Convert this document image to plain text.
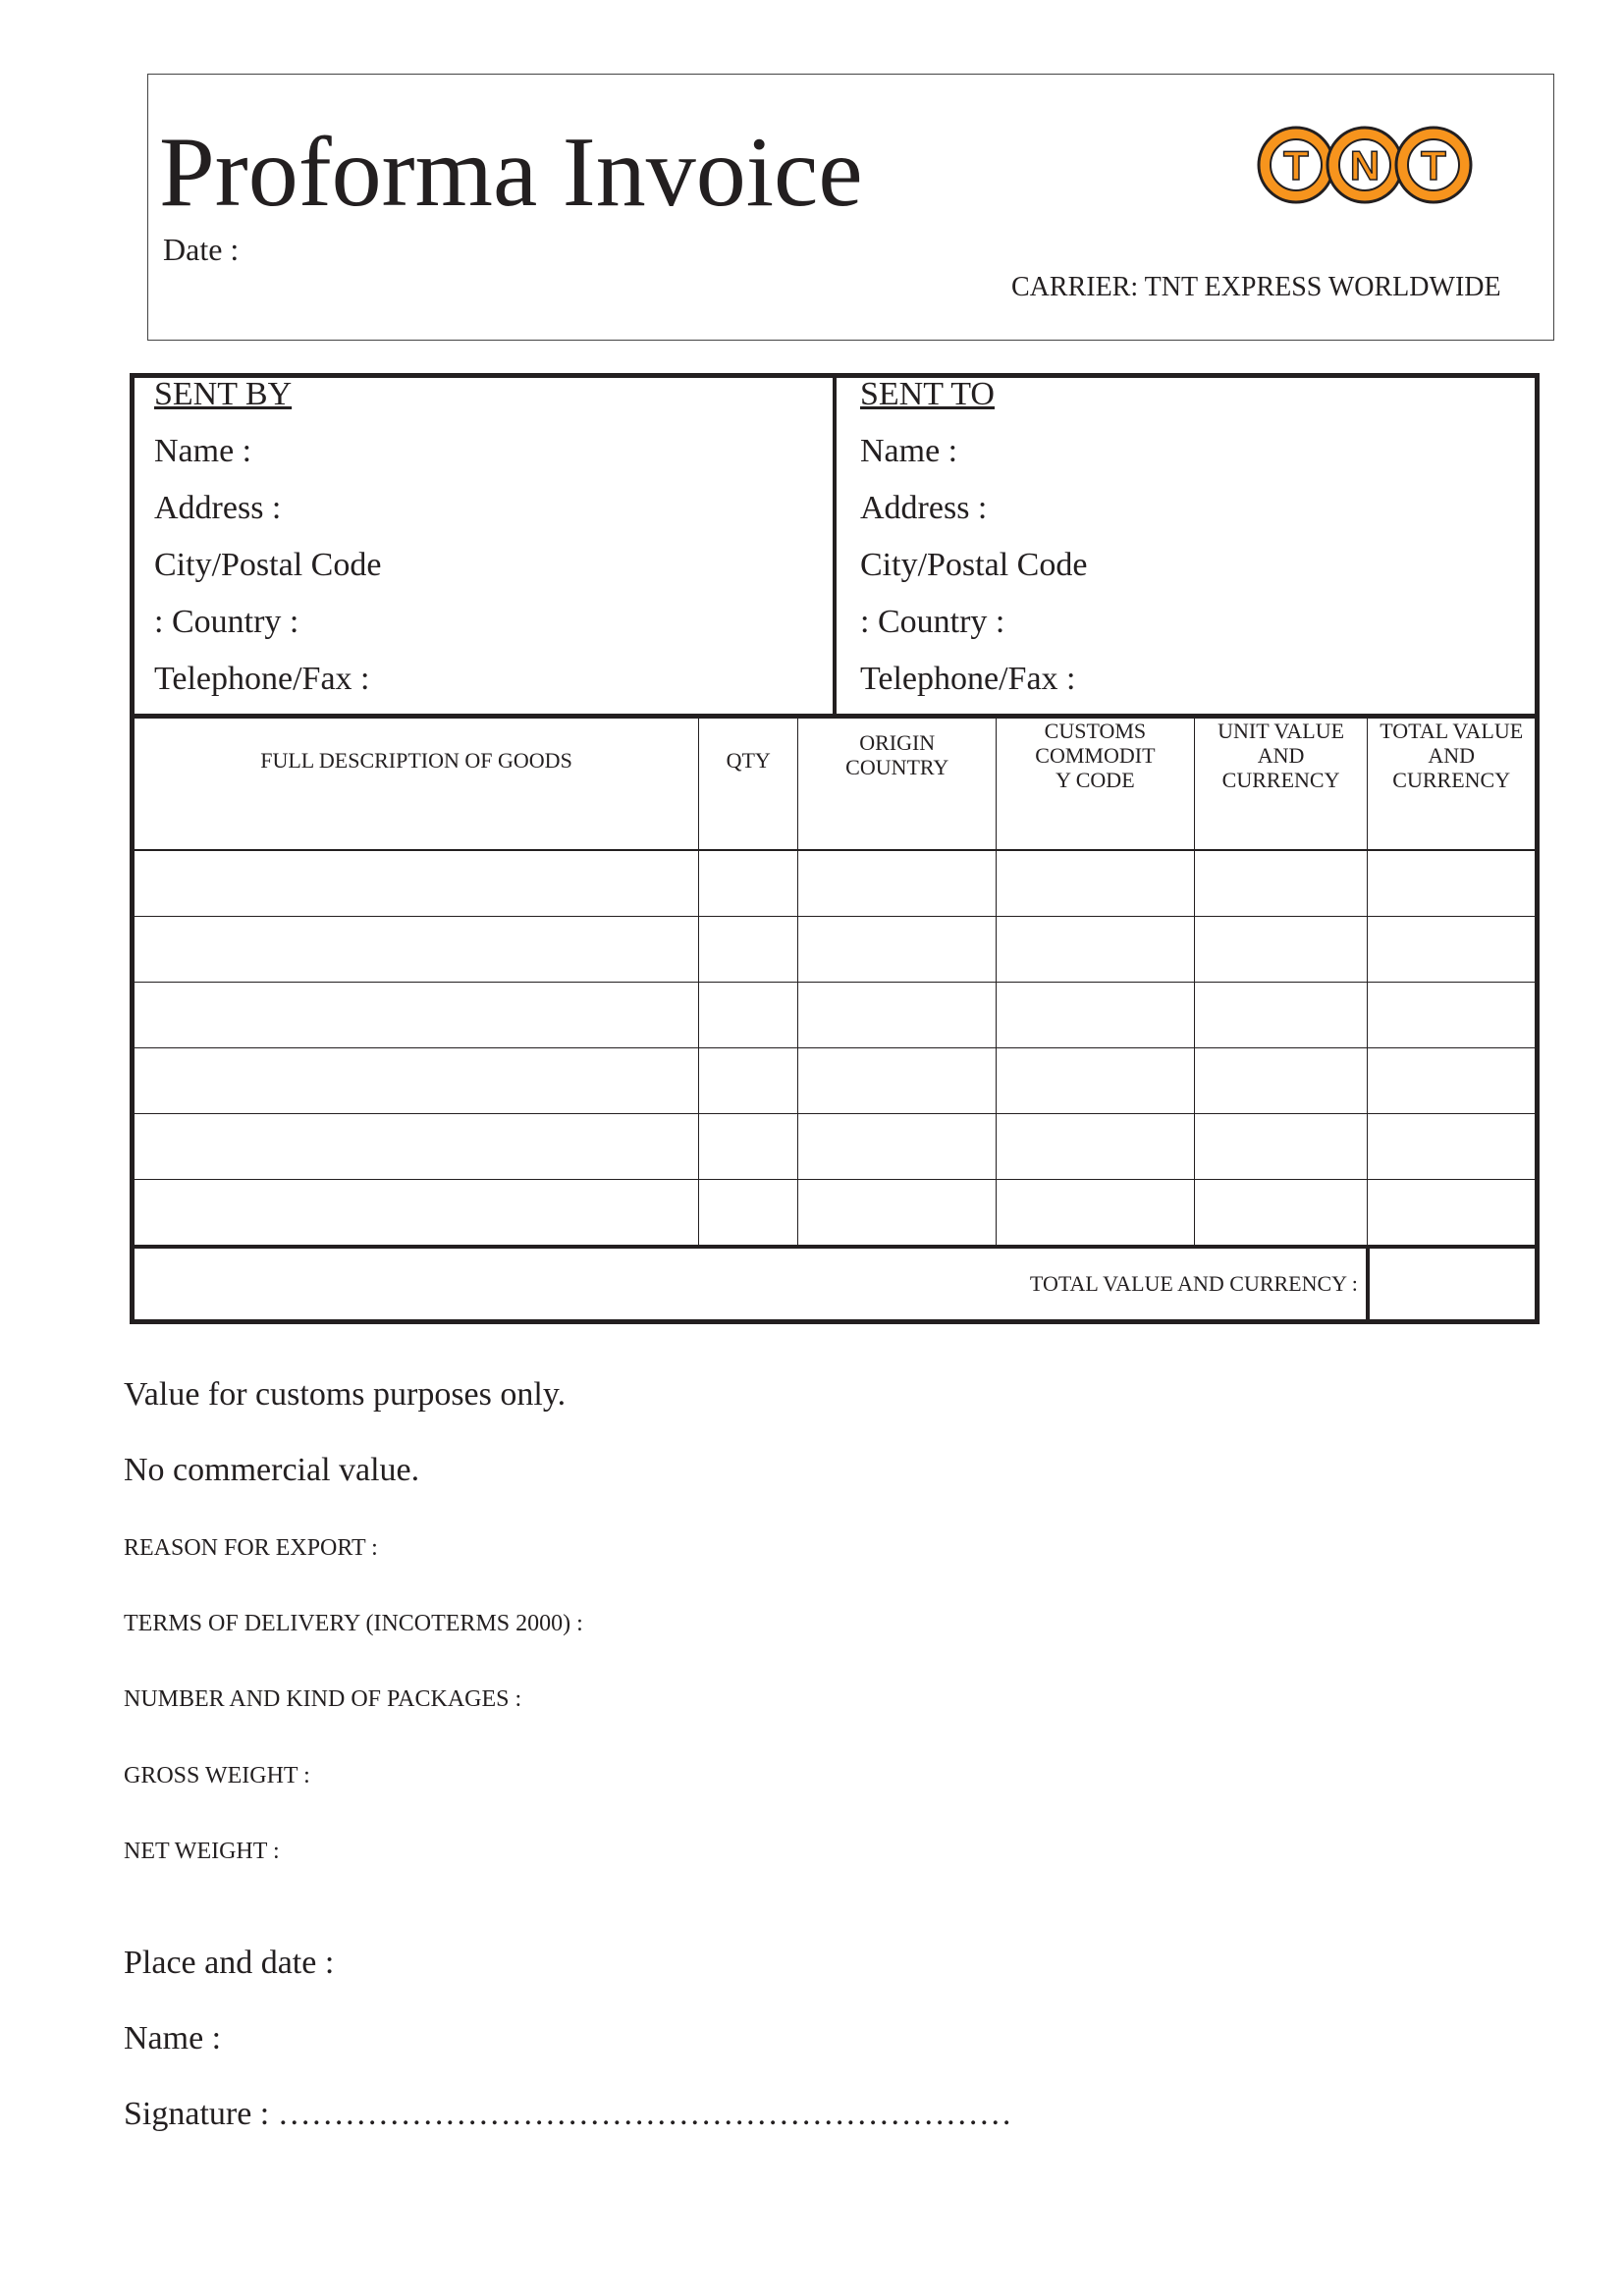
Proforma Invoice
Date :
CARRIER: TNT EXPRESS WORLDWIDE
T N T
SENT BY
Name :
Address :
City/Postal Code
: Country :
Telephone/Fax :
SENT TO
Name :
Address :
City/Postal Code
: Country :
Telephone/Fax :
FULL DESCRIPTION OF GOODS	QTY	ORIGIN COUNTRY	CUSTOMS COMMODIT Y CODE	UNIT VALUE AND CURRENCY	TOTAL VALUE AND CURRENCY

TOTAL VALUE AND CURRENCY :					
Value for customs purposes only.
No commercial value.
REASON FOR EXPORT :
TERMS OF DELIVERY (INCOTERMS 2000) :
NUMBER AND KIND OF PACKAGES :
GROSS WEIGHT :
NET WEIGHT :
Place and date :
Name :
Signature : …………………………………………………………
